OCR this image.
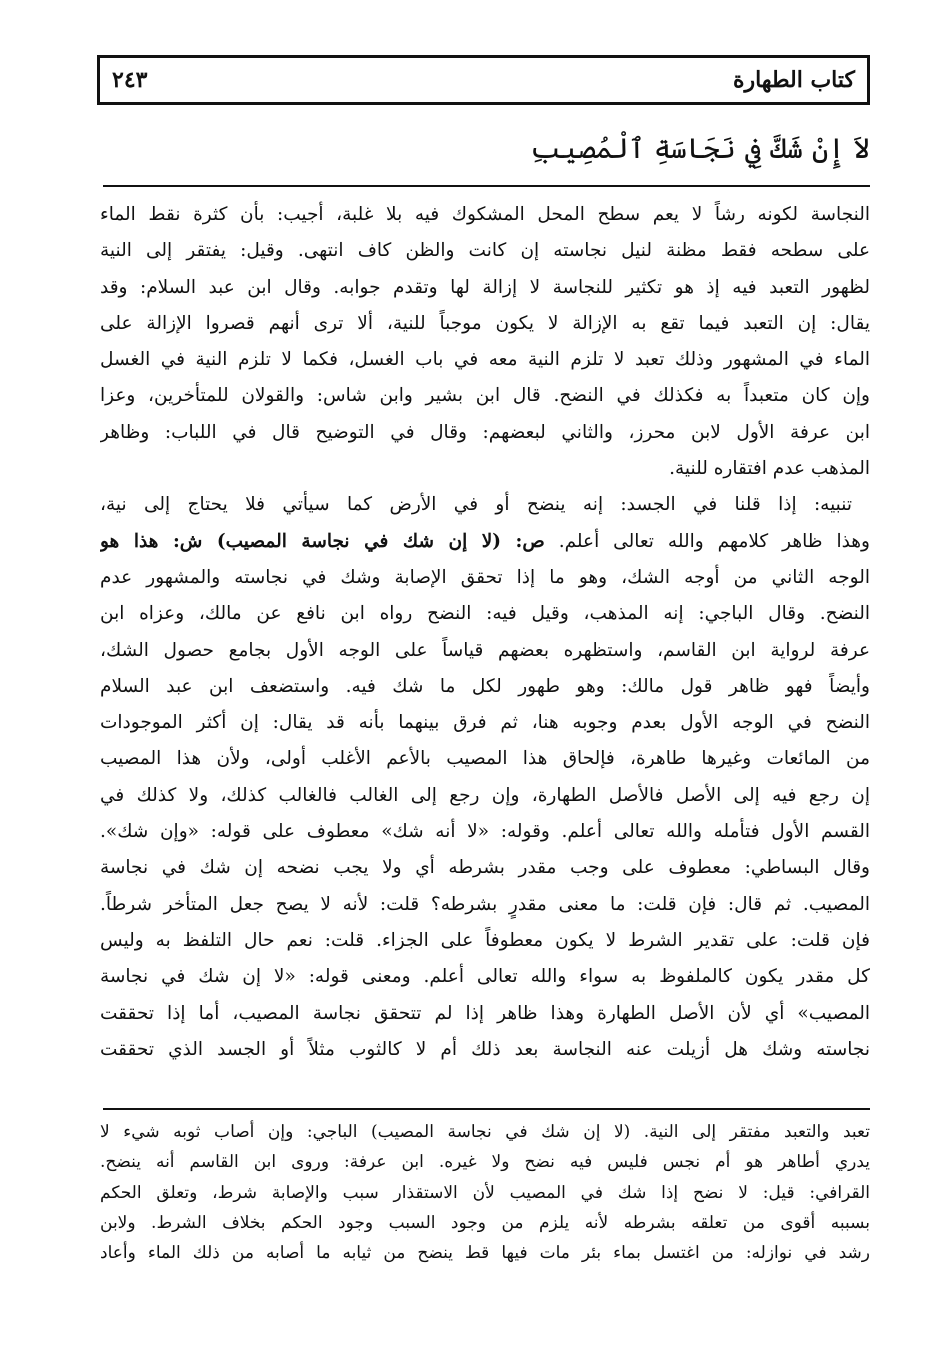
كتاب الطهارة
٢٤٣
لاَ إِنْ شَكَّ فِي نَجَاسَةِ ٱلْمُصِيبِ
النجاسة لكونه رشاً لا يعم سطح المحل المشكوك فيه بلا غلبة، أجيب: بأن كثرة نقط الماء
على سطحه فقط مظنة لنيل نجاسته إن كانت والظن كاف انتهى. وقيل: يفتقر إلى النية
لظهور التعبد فيه إذ هو تكثير للنجاسة لا إزالة لها وتقدم جوابه. وقال ابن عبد السلام: وقد
يقال: إن التعبد فيما تقع به الإزالة لا يكون موجباً للنية، ألا ترى أنهم قصروا الإزالة على
الماء في المشهور وذلك تعبد لا تلزم النية معه في باب الغسل، فكما لا تلزم النية في الغسل
وإن كان متعبداً به فكذلك في النضح. قال ابن بشير وابن شاس: والقولان للمتأخرين، وعزا
ابن عرفة الأول لابن محرز، والثاني لبعضهم: وقال في التوضيح قال في اللباب: وظاهر
المذهب عدم افتقاره للنية.
تنبيه: إذا قلنا في الجسد: إنه ينضح أو في الأرض كما سيأتي فلا يحتاج إلى نية،
وهذا ظاهر كلامهم والله تعالى أعلم. ص: (لا إن شك في نجاسة المصيب) ش: هذا هو
الوجه الثاني من أوجه الشك، وهو ما إذا تحقق الإصابة وشك في نجاسته والمشهور عدم
النضح. وقال الباجي: إنه المذهب، وقيل فيه: النضح رواه ابن نافع عن مالك، وعزاه ابن
عرفة لرواية ابن القاسم، واستظهره بعضهم قياساً على الوجه الأول بجامع حصول الشك،
وأيضاً فهو ظاهر قول مالك: وهو طهور لكل ما شك فيه. واستضعف ابن عبد السلام
النضح في الوجه الأول بعدم وجوبه هنا، ثم فرق بينهما بأنه قد يقال: إن أكثر الموجودات
من المائعات وغيرها طاهرة، فإلحاق هذا المصيب بالأعم الأغلب أولى، ولأن هذا المصيب
إن رجع فيه إلى الأصل فالأصل الطهارة، وإن رجع إلى الغالب فالغالب كذلك، ولا كذلك في
القسم الأول فتأمله والله تعالى أعلم. وقوله: «لا أنه شك» معطوف على قوله: «وإن شك».
وقال البساطي: معطوف على وجب مقدر بشرطه أي ولا يجب نضحه إن شك في نجاسة
المصيب. ثم قال: فإن قلت: ما معنى مقدرٍ بشرطه؟ قلت: لأنه لا يصح جعل المتأخر شرطاً.
فإن قلت: على تقدير الشرط لا يكون معطوفاً على الجزاء. قلت: نعم حال التلفظ به وليس
كل مقدر يكون كالملفوظ به سواء والله تعالى أعلم. ومعنى قوله: «لا إن شك في نجاسة
المصيب» أي لأن الأصل الطهارة وهذا ظاهر إذا لم تتحقق نجاسة المصيب، أما إذا تحققت
نجاسته وشك هل أزيلت عنه النجاسة بعد ذلك أم لا كالثوب مثلاً أو الجسد الذي تحققت
تعبد والتعبد مفتقر إلى النية. (لا إن شك في نجاسة المصيب) الباجي: وإن أصاب ثوبه شيء لا
يدري أطاهر هو أم نجس فليس فيه نضح ولا غيره. ابن عرفة: وروى ابن القاسم أنه ينضح.
القرافي: قيل: لا نضح إذا شك في المصيب لأن الاستقذار سبب والإصابة شرط، وتعلق الحكم
بسببه أقوى من تعلقه بشرطه لأنه يلزم من وجود السبب وجود الحكم بخلاف الشرط. ولابن
رشد في نوازله: من اغتسل بماء بئر مات فيها قط ينضح من ثيابه ما أصابه من ذلك الماء وأعاد
